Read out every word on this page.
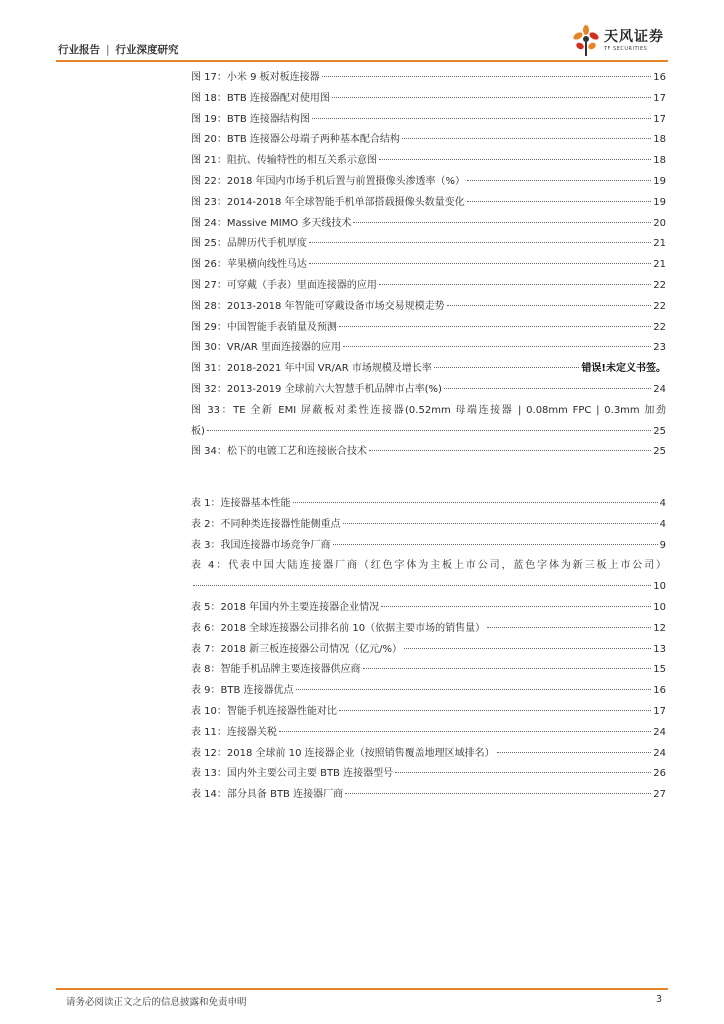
行业报告 | 行业深度研究
天风证券
TF SECURITIES
图 17：小米 9 板对板连接器	16
图 18：BTB 连接器配对使用图	17
图 19：BTB 连接器结构图	17
图 20：BTB 连接器公母端子两种基本配合结构	18
图 21：阻抗、传输特性的相互关系示意图	18
图 22：2018 年国内市场手机后置与前置摄像头渗透率（%）	19
图 23：2014-2018 年全球智能手机单部搭载摄像头数量变化	19
图 24：Massive MIMO 多天线技术	20
图 25：品牌历代手机厚度	21
图 26：苹果横向线性马达	21
图 27：可穿戴（手表）里面连接器的应用	22
图 28：2013-2018 年智能可穿戴设备市场交易规模走势	22
图 29：中国智能手表销量及预测	22
图 30：VR/AR 里面连接器的应用	23
图 31：2018-2021 年中国 VR/AR 市场规模及增长率	错误!未定义书签。
图 32：2013-2019 全球前六大智慧手机品牌市占率(%)	24
图 33：TE 全新 EMI 屏蔽板对柔性连接器(0.52mm 母端连接器 | 0.08mm FPC | 0.3mm 加劲
板)	25
图 34：松下的电镀工艺和连接嵌合技术	25
表 1：连接器基本性能	4
表 2：不同种类连接器性能侧重点	4
表 3：我国连接器市场竞争厂商	9
表 4：代表中国大陆连接器厂商（红色字体为主板上市公司，蓝色字体为新三板上市公司）
10
表 5：2018 年国内外主要连接器企业情况	10
表 6：2018 全球连接器公司排名前 10（依据主要市场的销售量）	12
表 7：2018 新三板连接器公司情况（亿元/%）	13
表 8：智能手机品牌主要连接器供应商	15
表 9：BTB 连接器优点	16
表 10：智能手机连接器性能对比	17
表 11：连接器关税	24
表 12：2018 全球前 10 连接器企业（按照销售覆盖地理区域排名）	24
表 13：国内外主要公司主要 BTB 连接器型号	26
表 14：部分具备 BTB 连接器厂商	27
请务必阅读正文之后的信息披露和免责申明	3
